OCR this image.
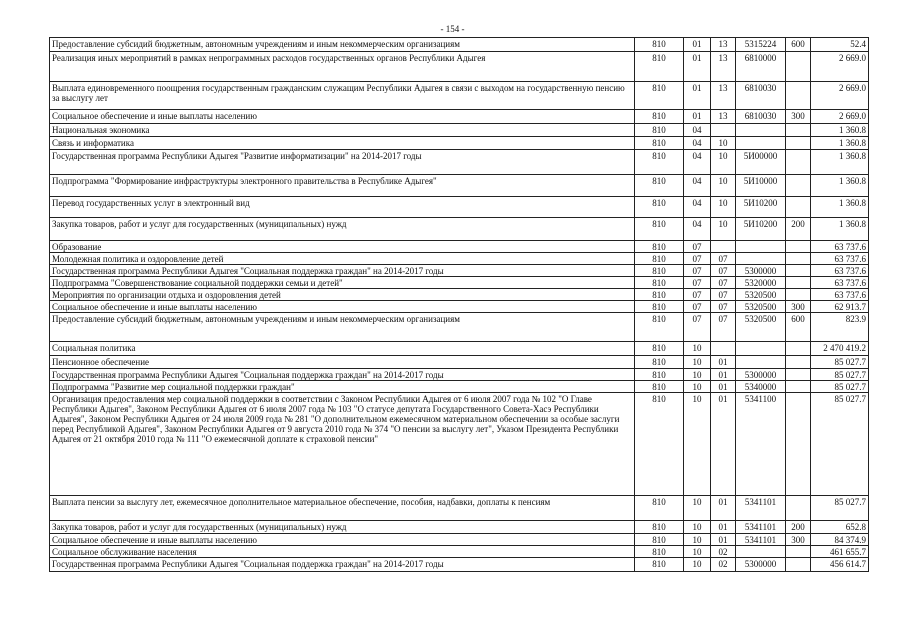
- 154 -
Предоставление субсидий бюджетным, автономным учреждениям и иным некоммерческим организациям	810	01	13	5315224	600	52.4
Реализация иных мероприятий в рамках непрограммных расходов государственных органов Республики Адыгея	810	01	13	6810000		2 669.0
Выплата единовременного поощрения государственным гражданским служащим Республики Адыгея в связи с выходом на государственную пенсию за выслугу лет	810	01	13	6810030		2 669.0
Социальное обеспечение и иные выплаты населению	810	01	13	6810030	300	2 669.0
Национальная экономика	810	04				1 360.8
Связь и информатика	810	04	10			1 360.8
Государственная программа Республики Адыгея "Развитие информатизации" на 2014-2017 годы	810	04	10	5И00000		1 360.8
Подпрограмма "Формирование инфраструктуры электронного правительства в Республике Адыгея"	810	04	10	5И10000		1 360.8
Перевод государственных услуг в электронный вид	810	04	10	5И10200		1 360.8
Закупка товаров, работ и услуг для государственных (муниципальных) нужд	810	04	10	5И10200	200	1 360.8
Образование	810	07				63 737.6
Молодежная политика и оздоровление детей	810	07	07			63 737.6
Государственная программа Республики Адыгея "Социальная поддержка граждан" на 2014-2017 годы	810	07	07	5300000		63 737.6
Подпрограмма "Совершенствование социальной поддержки семьи и детей"	810	07	07	5320000		63 737.6
Мероприятия по организации отдыха и оздоровления детей	810	07	07	5320500		63 737.6
Социальное обеспечение и иные выплаты населению	810	07	07	5320500	300	62 913.7
Предоставление субсидий бюджетным, автономным учреждениям и иным некоммерческим организациям	810	07	07	5320500	600	823.9
Социальная политика	810	10				2 470 419.2
Пенсионное обеспечение	810	10	01			85 027.7
Государственная программа Республики Адыгея "Социальная поддержка граждан" на 2014-2017 годы	810	10	01	5300000		85 027.7
Подпрограмма "Развитие мер социальной поддержки граждан"	810	10	01	5340000		85 027.7
Организация предоставления мер социальной поддержки в соответствии с Законом Республики Адыгея от 6 июля 2007 года № 102 "О Главе Республики Адыгея", Законом Республики Адыгея от 6 июля 2007 года № 103 "О статусе депутата Государственного Совета-Хасэ Республики Адыгея", Законом Республики Адыгея от 24 июля 2009 года № 281 "О дополнительном ежемесячном материальном обеспечении за особые заслуги перед Республикой Адыгея", Законом Республики Адыгея от 9 августа 2010 года № 374 "О пенсии за выслугу лет", Указом Президента Республики Адыгея от 21 октября 2010 года № 111 "О ежемесячной доплате к страховой пенсии"	810	10	01	5341100		85 027.7
Выплата пенсии за выслугу лет, ежемесячное дополнительное материальное обеспечение, пособия, надбавки, доплаты к пенсиям	810	10	01	5341101		85 027.7
Закупка товаров, работ и услуг для государственных (муниципальных) нужд	810	10	01	5341101	200	652.8
Социальное обеспечение и иные выплаты населению	810	10	01	5341101	300	84 374.9
Социальное обслуживание населения	810	10	02			461 655.7
Государственная программа Республики Адыгея "Социальная поддержка граждан" на 2014-2017 годы	810	10	02	5300000		456 614.7
